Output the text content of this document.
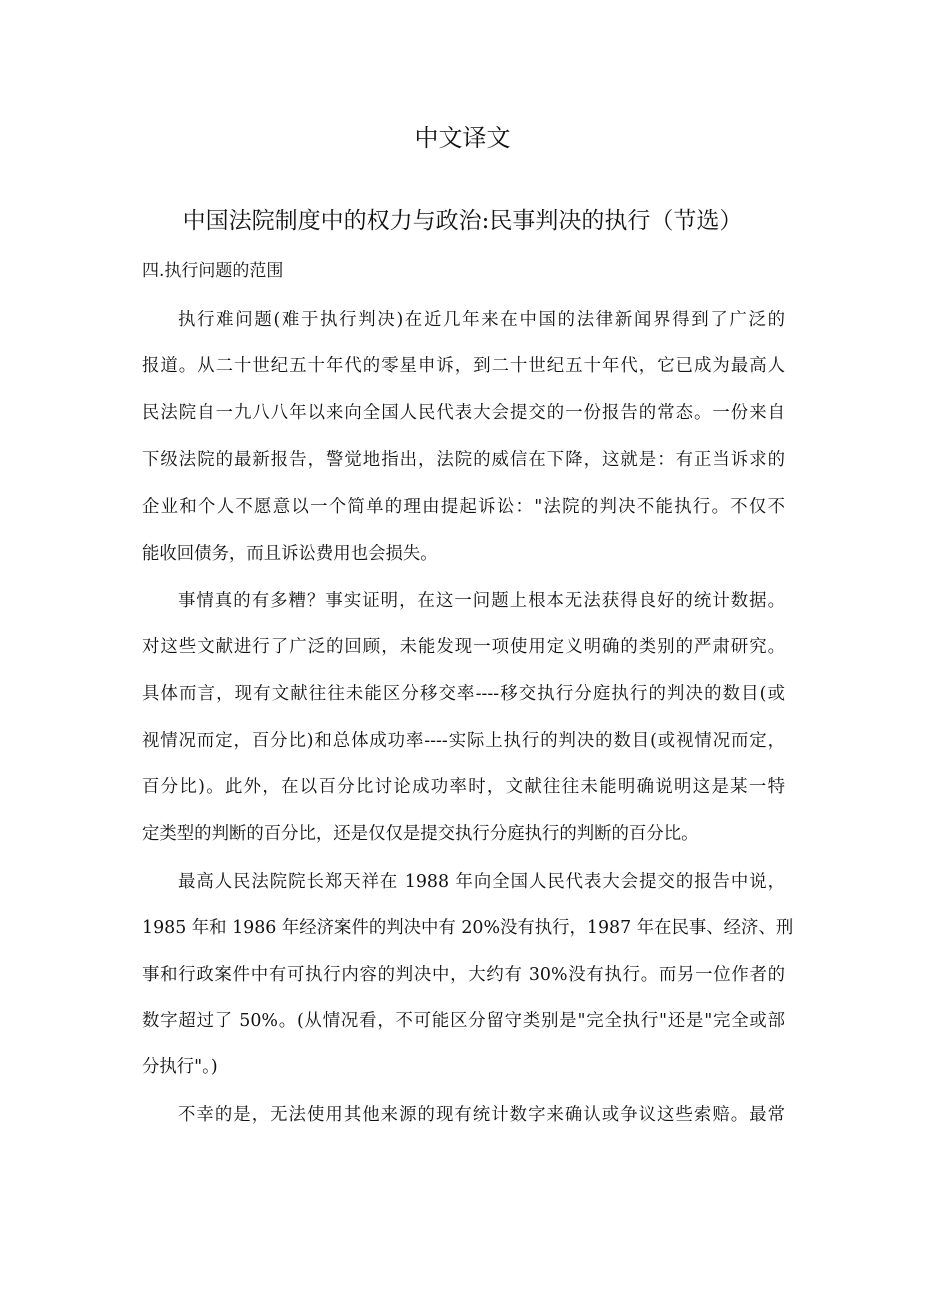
中文译文
中国法院制度中的权力与政治:民事判决的执行（节选）
四.执行问题的范围
执行难问题(难于执行判决)在近几年来在中国的法律新闻界得到了广泛的
报道。从二十世纪五十年代的零星申诉，到二十世纪五十年代，它已成为最高人
民法院自一九八八年以来向全国人民代表大会提交的一份报告的常态。一份来自
下级法院的最新报告，警觉地指出，法院的威信在下降，这就是：有正当诉求的
企业和个人不愿意以一个简单的理由提起诉讼："法院的判决不能执行。不仅不
能收回债务，而且诉讼费用也会损失。
事情真的有多糟？事实证明，在这一问题上根本无法获得良好的统计数据。
对这些文献进行了广泛的回顾，未能发现一项使用定义明确的类别的严肃研究。
具体而言，现有文献往往未能区分移交率----移交执行分庭执行的判决的数目(或
视情况而定，百分比)和总体成功率----实际上执行的判决的数目(或视情况而定，
百分比)。此外，在以百分比讨论成功率时，文献往往未能明确说明这是某一特
定类型的判断的百分比，还是仅仅是提交执行分庭执行的判断的百分比。
最高人民法院院长郑天祥在 1988 年向全国人民代表大会提交的报告中说，
1985 年和 1986 年经济案件的判决中有 20%没有执行，1987 年在民事、经济、刑
事和行政案件中有可执行内容的判决中，大约有 30%没有执行。而另一位作者的
数字超过了 50%。(从情况看，不可能区分留守类别是"完全执行"还是"完全或部
分执行"。)
不幸的是，无法使用其他来源的现有统计数字来确认或争议这些索赔。最常
